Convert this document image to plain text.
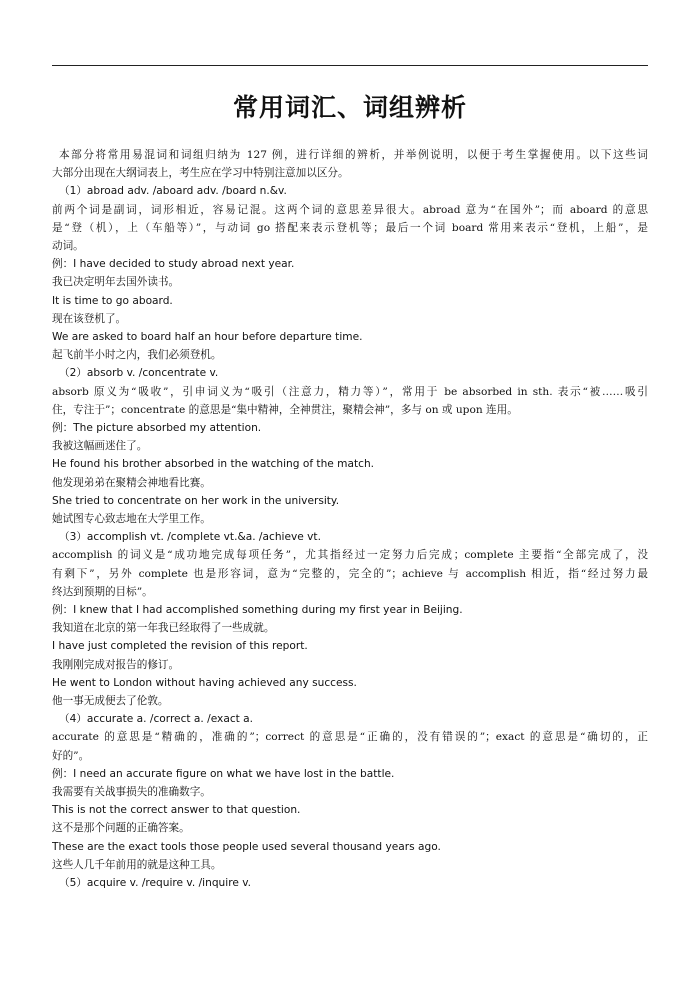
常用词汇、词组辨析
本部分将常用易混词和词组归纳为 127 例，进行详细的辨析，并举例说明，以便于考生掌握使用。以下这些词
大部分出现在大纲词表上，考生应在学习中特别注意加以区分。
（1）abroad adv. /aboard adv. /board n.&v.
前两个词是副词，词形相近，容易记混。这两个词的意思差异很大。abroad 意为“在国外”；而 aboard 的意思
是“登（机），上（车船等）”，与动词 go 搭配来表示登机等；最后一个词 board 常用来表示“登机，上船”，是
动词。
例：I have decided to study abroad next year.
我已决定明年去国外读书。
It is time to go aboard.
现在该登机了。
We are asked to board half an hour before departure time.
起飞前半小时之内，我们必须登机。
（2）absorb v. /concentrate v.
absorb 原义为“吸收”，引申词义为“吸引（注意力，精力等）”，常用于 be absorbed in sth. 表示“被……吸引
住，专注于”；concentrate 的意思是“集中精神，全神贯注，聚精会神”，多与 on 或 upon 连用。
例：The picture absorbed my attention.
我被这幅画迷住了。
He found his brother absorbed in the watching of the match.
他发现弟弟在聚精会神地看比赛。
She tried to concentrate on her work in the university.
她试图专心致志地在大学里工作。
（3）accomplish vt. /complete vt.&a. /achieve vt.
accomplish 的词义是“成功地完成每项任务”，尤其指经过一定努力后完成；complete 主要指“全部完成了，没
有剩下”，另外 complete 也是形容词，意为“完整的，完全的”；achieve 与 accomplish 相近，指“经过努力最
终达到预期的目标”。
例：I knew that I had accomplished something during my first year in Beijing.
我知道在北京的第一年我已经取得了一些成就。
I have just completed the revision of this report.
我刚刚完成对报告的修订。
He went to London without having achieved any success.
他一事无成便去了伦敦。
（4）accurate a. /correct a. /exact a.
accurate 的意思是“精确的，准确的”；correct 的意思是“正确的，没有错误的”；exact 的意思是“确切的，正
好的”。
例：I need an accurate figure on what we have lost in the battle.
我需要有关战事损失的准确数字。
This is not the correct answer to that question.
这不是那个问题的正确答案。
These are the exact tools those people used several thousand years ago.
这些人几千年前用的就是这种工具。
（5）acquire v. /require v. /inquire v.
